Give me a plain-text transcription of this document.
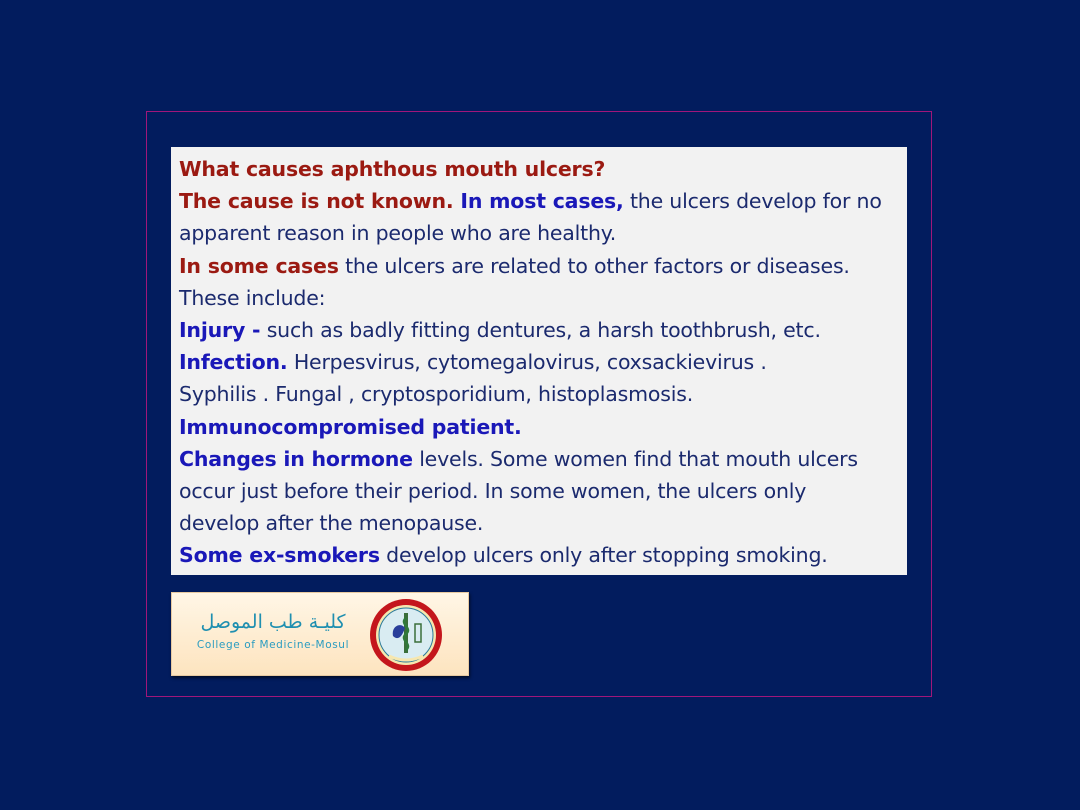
What causes aphthous mouth ulcers?
The cause is not known. In most cases, the ulcers develop for no
apparent reason in people who are healthy.
In some cases the ulcers are related to other factors or diseases.
These include:
Injury - such as badly fitting dentures, a harsh toothbrush, etc.
Infection. Herpesvirus, cytomegalovirus, coxsackievirus .
Syphilis . Fungal , cryptosporidium, histoplasmosis.
Immunocompromised patient.
Changes in hormone levels. Some women find that mouth ulcers
occur just before their period. In some women, the ulcers only
develop after the menopause.
Some ex-smokers develop ulcers only after stopping smoking.
كليـة طب الموصل
College of Medicine-Mosul
